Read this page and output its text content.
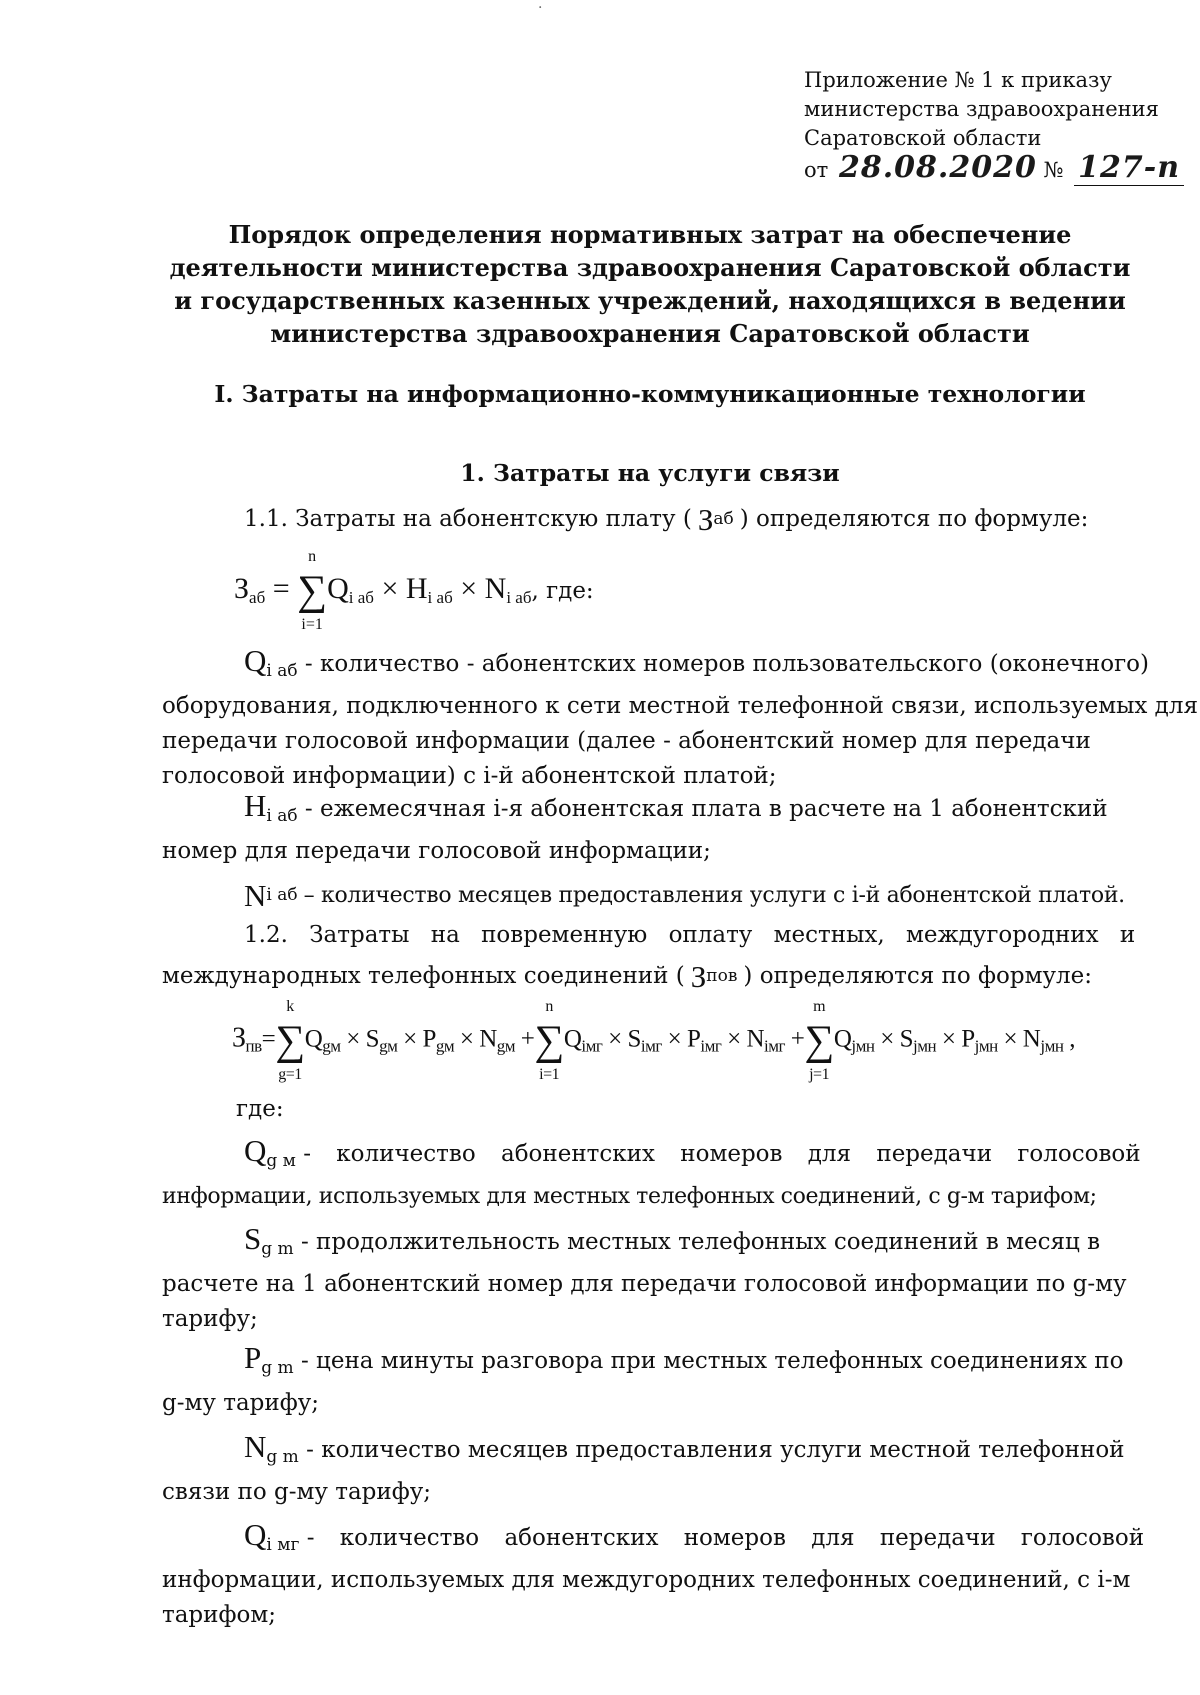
·
Приложение № 1 к приказу
министерства здравоохранения
Саратовской области
от 28.08.2020 № 127-п
Порядок определения нормативных затрат на обеспечение
деятельности министерства здравоохранения Саратовской области
и государственных казенных учреждений, находящихся в ведении
министерства здравоохранения Саратовской области
I. Затраты на информационно-коммуникационные технологии
1. Затраты на услуги связи
1.1. Затраты на абонентскую плату ( З аб ) определяются по формуле:
$З_{аб}$ =
n
∑
i=1
$Q_{i аб} \times H_{i аб} \times N_{i аб}$, где:
$Q_{i аб}$ - количество - абонентских номеров пользовательского (оконечного)
оборудования, подключенного к сети местной телефонной связи, используемых для
передачи голосовой информации (далее - абонентский номер для передачи
голосовой информации) с i-й абонентской платой;
$H_{i аб}$ - ежемесячная i-я абонентская плата в расчете на 1 абонентский
номер для передачи голосовой информации;
N i аб – количество месяцев предоставления услуги с i-й абонентской платой.
1.2. Затраты на повременную оплату местных, междугородних и
международных телефонных соединений ( З пов ) определяются по формуле:
$З_{пв}=$
k
∑
g=1
$Q_{gм} \times S_{gм} \times P_{gм} \times N_{gм}$ +
n
∑
i=1
$Q_{iмг} \times S_{iмг} \times P_{iмг} \times N_{iмг}$ +
m
∑
j=1
$Q_{jмн} \times S_{jмн} \times P_{jмн} \times N_{jмн}$ ,
где:
$Q_{g м}$ - количество абонентских номеров для передачи голосовой
информации, используемых для местных телефонных соединений, с g-м тарифом;
$S_{g m}$ - продолжительность местных телефонных соединений в месяц в
расчете на 1 абонентский номер для передачи голосовой информации по g-му
тарифу;
$P_{g m}$ - цена минуты разговора при местных телефонных соединениях по
g-му тарифу;
$N_{g m}$ - количество месяцев предоставления услуги местной телефонной
связи по g-му тарифу;
$Q_{i мг}$ - количество абонентских номеров для передачи голосовой
информации, используемых для междугородних телефонных соединений, с i-м
тарифом;
